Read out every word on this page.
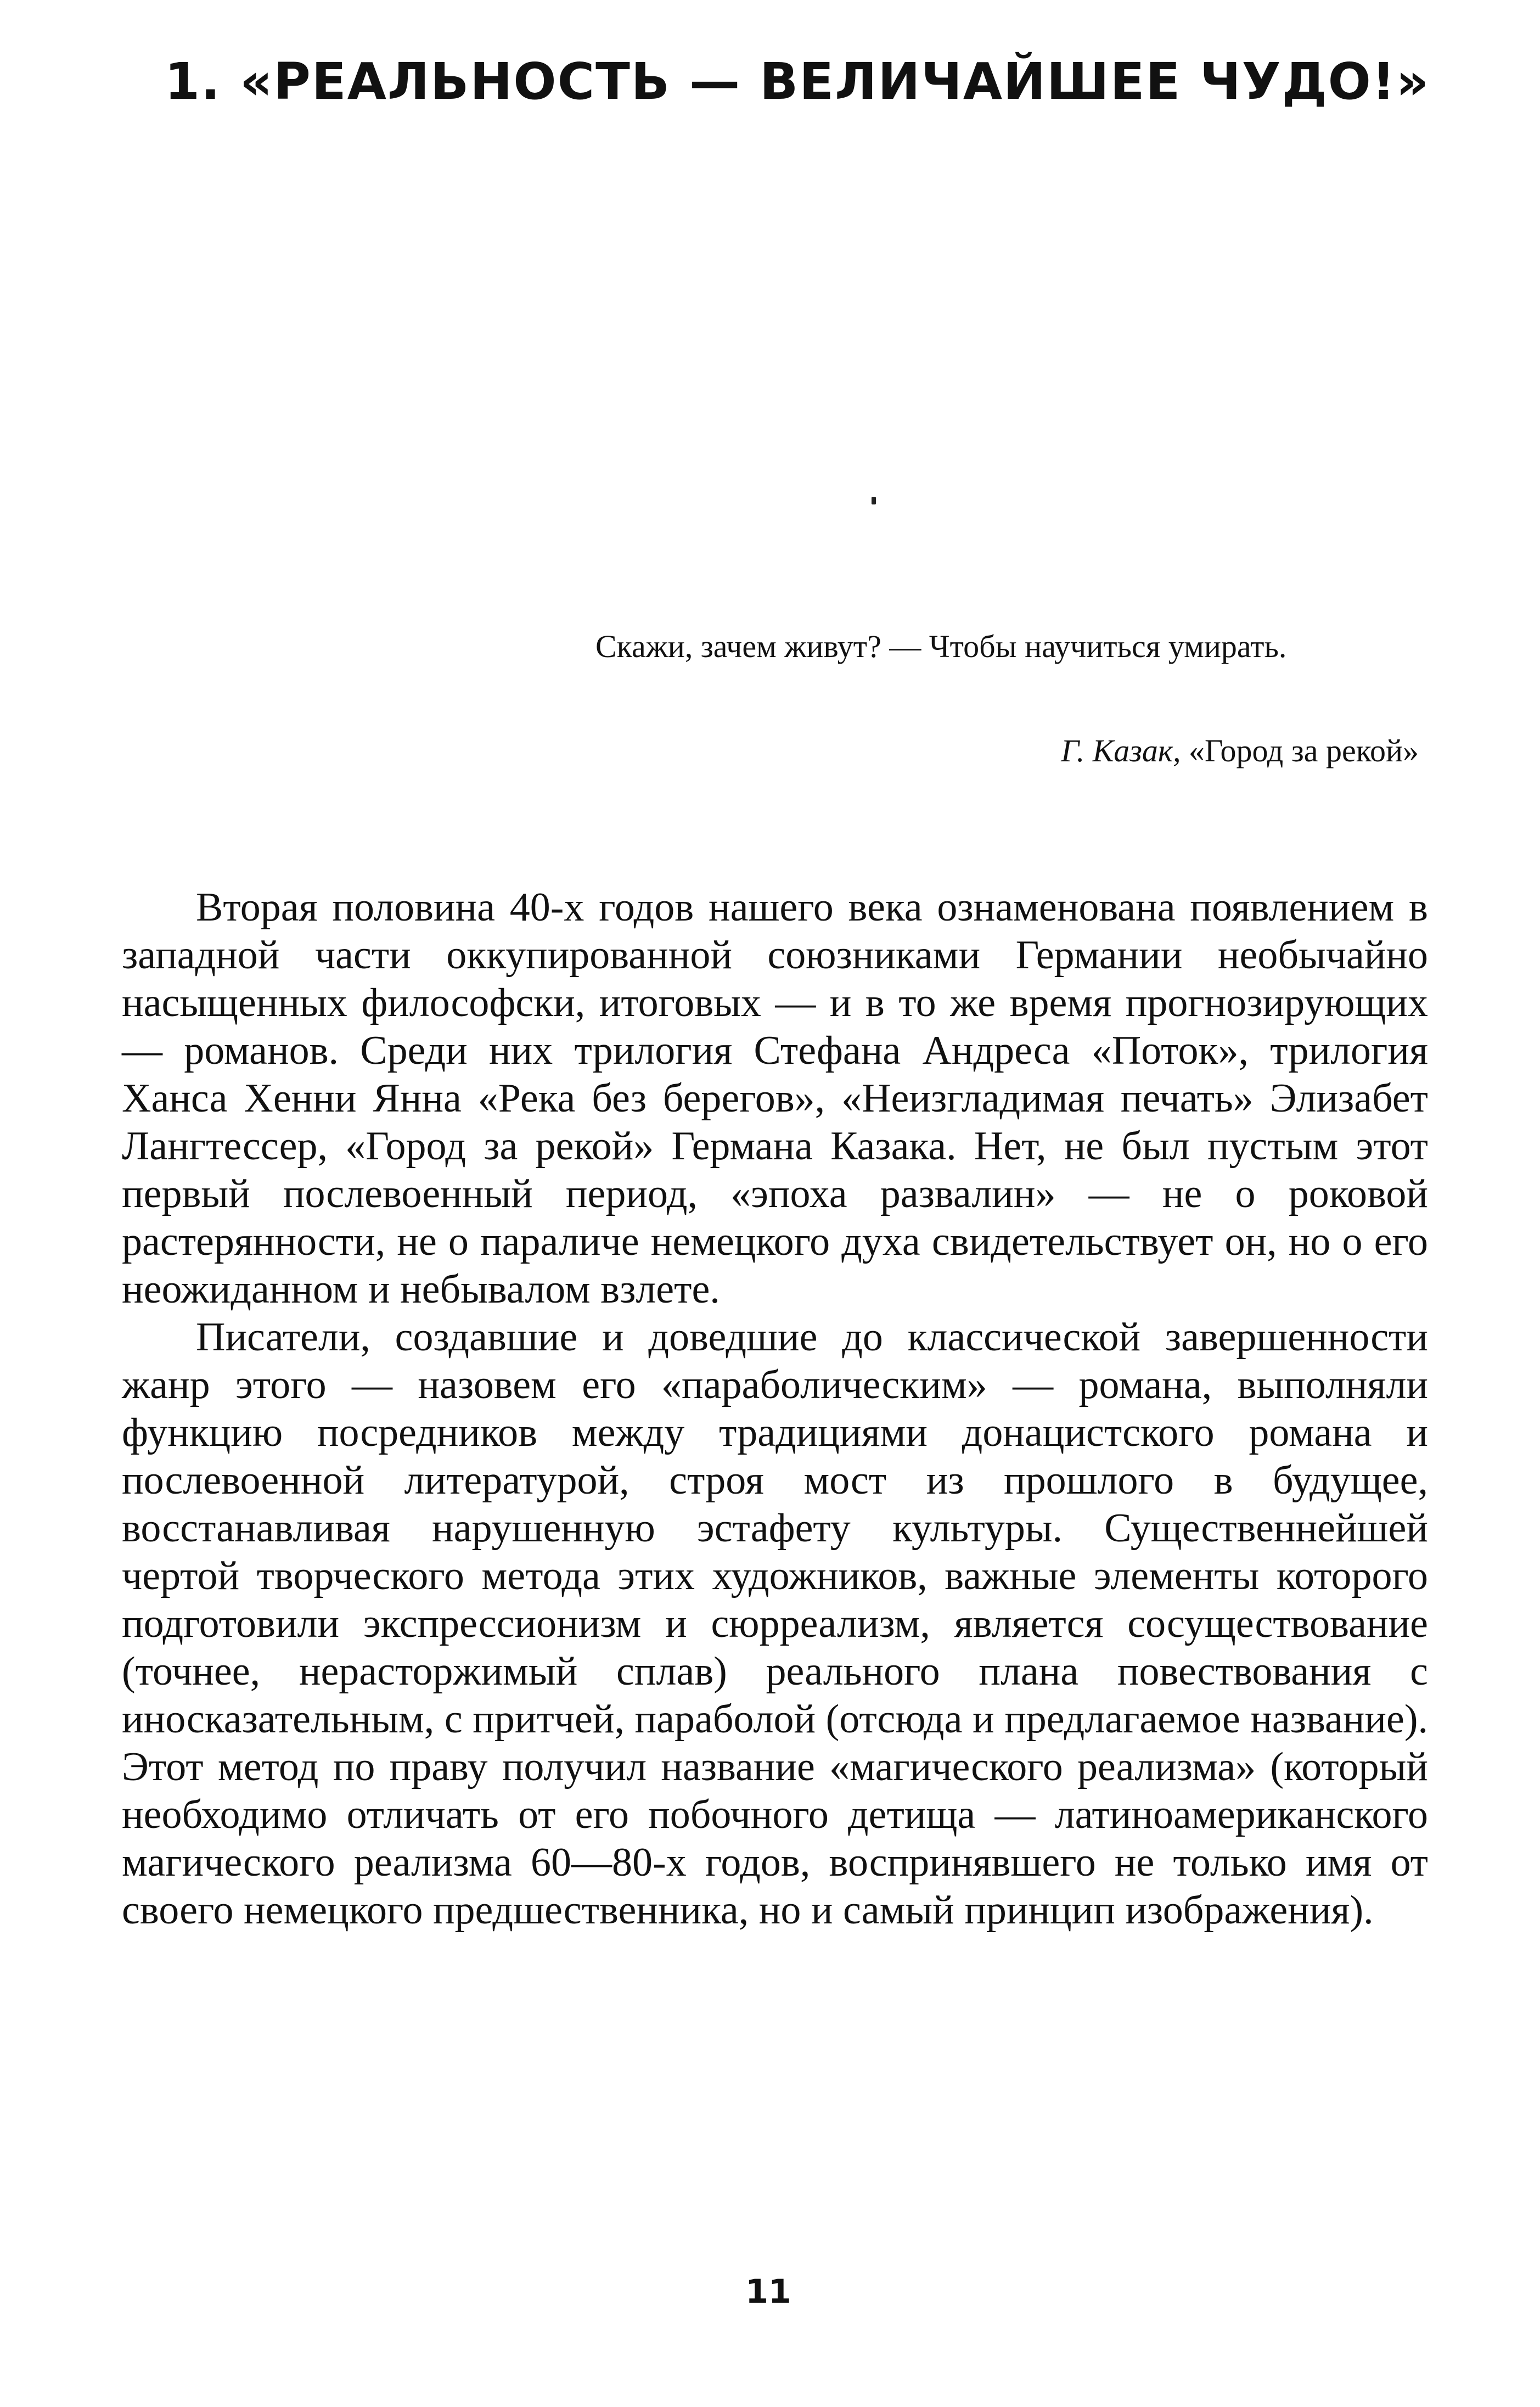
1. «РЕАЛЬНОСТЬ — ВЕЛИЧАЙШЕЕ ЧУДО!»

Скажи, зачем живут? — Чтобы научиться умирать.

Г. Казак, «Город за рекой»

Вторая половина 40-х годов нашего века ознаменована появлением в западной части оккупированной союзниками Германии необычайно насыщенных философски, итоговых — и в то же время прогнозирующих — романов. Среди них трилогия Стефана Андреса «Поток», трилогия Ханса Хенни Янна «Река без берегов», «Неизгладимая печать» Элизабет Лангтессер, «Город за рекой» Германа Казака. Нет, не был пустым этот первый послевоенный период, «эпоха развалин» — не о роковой растерянности, не о параличе немецкого духа свидетельствует он, но о его неожиданном и небывалом взлете.

Писатели, создавшие и доведшие до классической завершенности жанр этого — назовем его «параболическим» — романа, выполняли функцию посредников между традициями донацистского романа и послевоенной литературой, строя мост из прошлого в будущее, восстанавливая нарушенную эстафету культуры. Существеннейшей чертой творческого метода этих художников, важные элементы которого подготовили экспрессионизм и сюрреализм, является сосуществование (точнее, нерасторжимый сплав) реального плана повествования с иносказательным, с притчей, параболой (отсюда и предлагаемое название). Этот метод по праву получил название «магического реализма» (который необходимо отличать от его побочного детища — латиноамериканского магического реализма 60—80-х годов, воспринявшего не только имя от своего немецкого предшественника, но и самый принцип изображения).

11
